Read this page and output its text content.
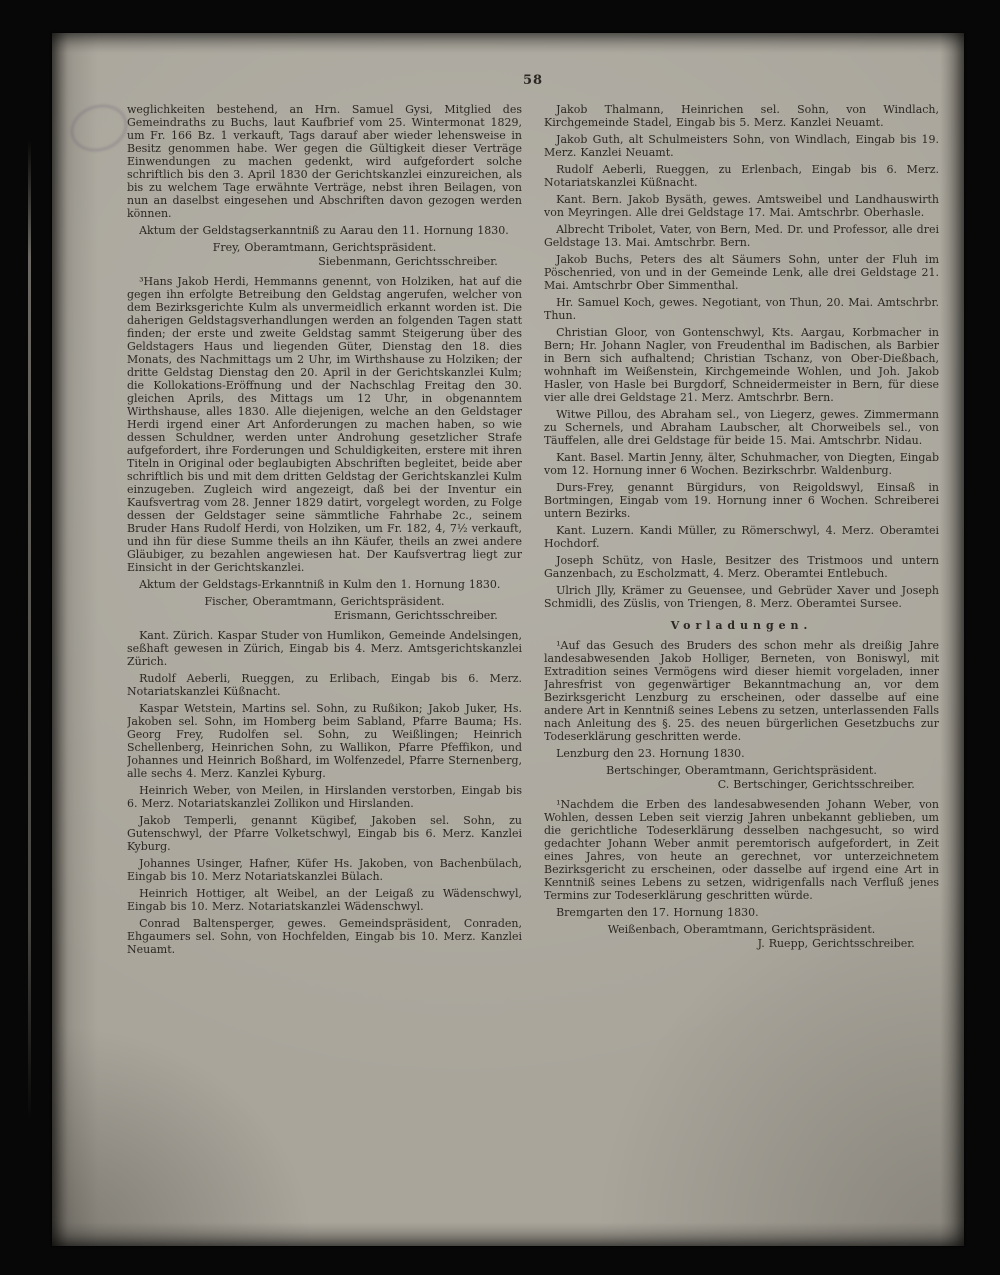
58

weglichkeiten bestehend, an Hrn. Samuel Gysi, Mitglied des Gemeindraths zu Buchs, laut Kaufbrief vom 25. Wintermonat 1829, um Fr. 166 Bz. 1 verkauft, Tags darauf aber wieder lehensweise in Besitz genommen habe. Wer gegen die Gültigkeit dieser Verträge Einwendungen zu machen gedenkt, wird aufgefordert solche schriftlich bis den 3. April 1830 der Gerichtskanzlei einzureichen, als bis zu welchem Tage erwähnte Verträge, nebst ihren Beilagen, von nun an daselbst eingesehen und Abschriften davon gezogen werden können.

Aktum der Geldstagserkanntniß zu Aarau den 11. Hornung 1830.

Frey, Oberamtmann, Gerichtspräsident.

Siebenmann, Gerichtsschreiber.

³Hans Jakob Herdi, Hemmanns genennt, von Holziken, hat auf die gegen ihn erfolgte Betreibung den Geldstag angerufen, welcher von dem Bezirksgerichte Kulm als unvermeidlich erkannt worden ist. Die daherigen Geldstagsverhandlungen werden an folgenden Tagen statt finden; der erste und zweite Geldstag sammt Steigerung über des Geldstagers Haus und liegenden Güter, Dienstag den 18. dies Monats, des Nachmittags um 2 Uhr, im Wirthshause zu Holziken; der dritte Geldstag Dienstag den 20. April in der Gerichtskanzlei Kulm; die Kollokations-Eröffnung und der Nachschlag Freitag den 30. gleichen Aprils, des Mittags um 12 Uhr, in obgenanntem Wirthshause, alles 1830. Alle diejenigen, welche an den Geldstager Herdi irgend einer Art Anforderungen zu machen haben, so wie dessen Schuldner, werden unter Androhung gesetzlicher Strafe aufgefordert, ihre Forderungen und Schuldigkeiten, erstere mit ihren Titeln in Original oder beglaubigten Abschriften begleitet, beide aber schriftlich bis und mit dem dritten Geldstag der Gerichtskanzlei Kulm einzugeben. Zugleich wird angezeigt, daß bei der Inventur ein Kaufsvertrag vom 28. Jenner 1829 datirt, vorgelegt worden, zu Folge dessen der Geldstager seine sämmtliche Fahrhabe 2c., seinem Bruder Hans Rudolf Herdi, von Holziken, um Fr. 182, 4, 7½ verkauft, und ihn für diese Summe theils an ihn Käufer, theils an zwei andere Gläubiger, zu bezahlen angewiesen hat. Der Kaufsvertrag liegt zur Einsicht in der Gerichtskanzlei.

Aktum der Geldstags-Erkanntniß in Kulm den 1. Hornung 1830.

Fischer, Oberamtmann, Gerichtspräsident.

Erismann, Gerichtsschreiber.

Kant. Zürich. Kaspar Studer von Humlikon, Gemeinde Andelsingen, seßhaft gewesen in Zürich, Eingab bis 4. Merz. Amtsgerichtskanzlei Zürich.

Rudolf Aeberli, Rueggen, zu Erlibach, Eingab bis 6. Merz. Notariatskanzlei Küßnacht.

Kaspar Wetstein, Martins sel. Sohn, zu Rußikon; Jakob Juker, Hs. Jakoben sel. Sohn, im Homberg beim Sabland, Pfarre Bauma; Hs. Georg Frey, Rudolfen sel. Sohn, zu Weißlingen; Heinrich Schellenberg, Heinrichen Sohn, zu Wallikon, Pfarre Pfeffikon, und Johannes und Heinrich Boßhard, im Wolfenzedel, Pfarre Sternenberg, alle sechs 4. Merz. Kanzlei Kyburg.

Heinrich Weber, von Meilen, in Hirslanden verstorben, Eingab bis 6. Merz. Notariatskanzlei Zollikon und Hirslanden.

Jakob Temperli, genannt Kügibef, Jakoben sel. Sohn, zu Gutenschwyl, der Pfarre Volketschwyl, Eingab bis 6. Merz. Kanzlei Kyburg.

Johannes Usinger, Hafner, Küfer Hs. Jakoben, von Bachenbülach, Eingab bis 10. Merz Notariatskanzlei Bülach.

Heinrich Hottiger, alt Weibel, an der Leigaß zu Wädenschwyl, Eingab bis 10. Merz. Notariatskanzlei Wädenschwyl.

Conrad Baltensperger, gewes. Gemeindspräsident, Conraden, Ehgaumers sel. Sohn, von Hochfelden, Eingab bis 10. Merz. Kanzlei Neuamt.

Jakob Thalmann, Heinrichen sel. Sohn, von Windlach, Kirchgemeinde Stadel, Eingab bis 5. Merz. Kanzlei Neuamt.

Jakob Guth, alt Schulmeisters Sohn, von Windlach, Eingab bis 19. Merz. Kanzlei Neuamt.

Rudolf Aeberli, Rueggen, zu Erlenbach, Eingab bis 6. Merz. Notariatskanzlei Küßnacht.

Kant. Bern. Jakob Bysäth, gewes. Amtsweibel und Landhauswirth von Meyringen. Alle drei Geldstage 17. Mai. Amtschrbr. Oberhasle.

Albrecht Tribolet, Vater, von Bern, Med. Dr. und Professor, alle drei Geldstage 13. Mai. Amtschrbr. Bern.

Jakob Buchs, Peters des alt Säumers Sohn, unter der Fluh im Pöschenried, von und in der Gemeinde Lenk, alle drei Geldstage 21. Mai. Amtschrbr Ober Simmenthal.

Hr. Samuel Koch, gewes. Negotiant, von Thun, 20. Mai. Amtschrbr. Thun.

Christian Gloor, von Gontenschwyl, Kts. Aargau, Korbmacher in Bern; Hr. Johann Nagler, von Freudenthal im Badischen, als Barbier in Bern sich aufhaltend; Christian Tschanz, von Ober-Dießbach, wohnhaft im Weißenstein, Kirchgemeinde Wohlen, und Joh. Jakob Hasler, von Hasle bei Burgdorf, Schneidermeister in Bern, für diese vier alle drei Geldstage 21. Merz. Amtschrbr. Bern.

Witwe Pillou, des Abraham sel., von Liegerz, gewes. Zimmermann zu Schernels, und Abraham Laubscher, alt Chorweibels sel., von Täuffelen, alle drei Geldstage für beide 15. Mai. Amtschrbr. Nidau.

Kant. Basel. Martin Jenny, älter, Schuhmacher, von Diegten, Eingab vom 12. Hornung inner 6 Wochen. Bezirkschrbr. Waldenburg.

Durs-Frey, genannt Bürgidurs, von Reigoldswyl, Einsaß in Bortmingen, Eingab vom 19. Hornung inner 6 Wochen. Schreiberei untern Bezirks.

Kant. Luzern. Kandi Müller, zu Römerschwyl, 4. Merz. Oberamtei Hochdorf.

Joseph Schütz, von Hasle, Besitzer des Tristmoos und untern Ganzenbach, zu Escholzmatt, 4. Merz. Oberamtei Entlebuch.

Ulrich Jlly, Krämer zu Geuensee, und Gebrüder Xaver und Joseph Schmidli, des Züslis, von Triengen, 8. Merz. Oberamtei Sursee.

Vorladungen.

¹Auf das Gesuch des Bruders des schon mehr als dreißig Jahre landesabwesenden Jakob Holliger, Berneten, von Boniswyl, mit Extradition seines Vermögens wird dieser hiemit vorgeladen, inner Jahresfrist von gegenwärtiger Bekanntmachung an, vor dem Bezirksgericht Lenzburg zu erscheinen, oder dasselbe auf eine andere Art in Kenntniß seines Lebens zu setzen, unterlassenden Falls nach Anleitung des §. 25. des neuen bürgerlichen Gesetzbuchs zur Todeserklärung geschritten werde.

Lenzburg den 23. Hornung 1830.

Bertschinger, Oberamtmann, Gerichtspräsident.

C. Bertschinger, Gerichtsschreiber.

¹Nachdem die Erben des landesabwesenden Johann Weber, von Wohlen, dessen Leben seit vierzig Jahren unbekannt geblieben, um die gerichtliche Todeserklärung desselben nachgesucht, so wird gedachter Johann Weber anmit peremtorisch aufgefordert, in Zeit eines Jahres, von heute an gerechnet, vor unterzeichnetem Bezirksgericht zu erscheinen, oder dasselbe auf irgend eine Art in Kenntniß seines Lebens zu setzen, widrigenfalls nach Verfluß jenes Termins zur Todeserklärung geschritten würde.

Bremgarten den 17. Hornung 1830.

Weißenbach, Oberamtmann, Gerichtspräsident.

J. Ruepp, Gerichtsschreiber.
